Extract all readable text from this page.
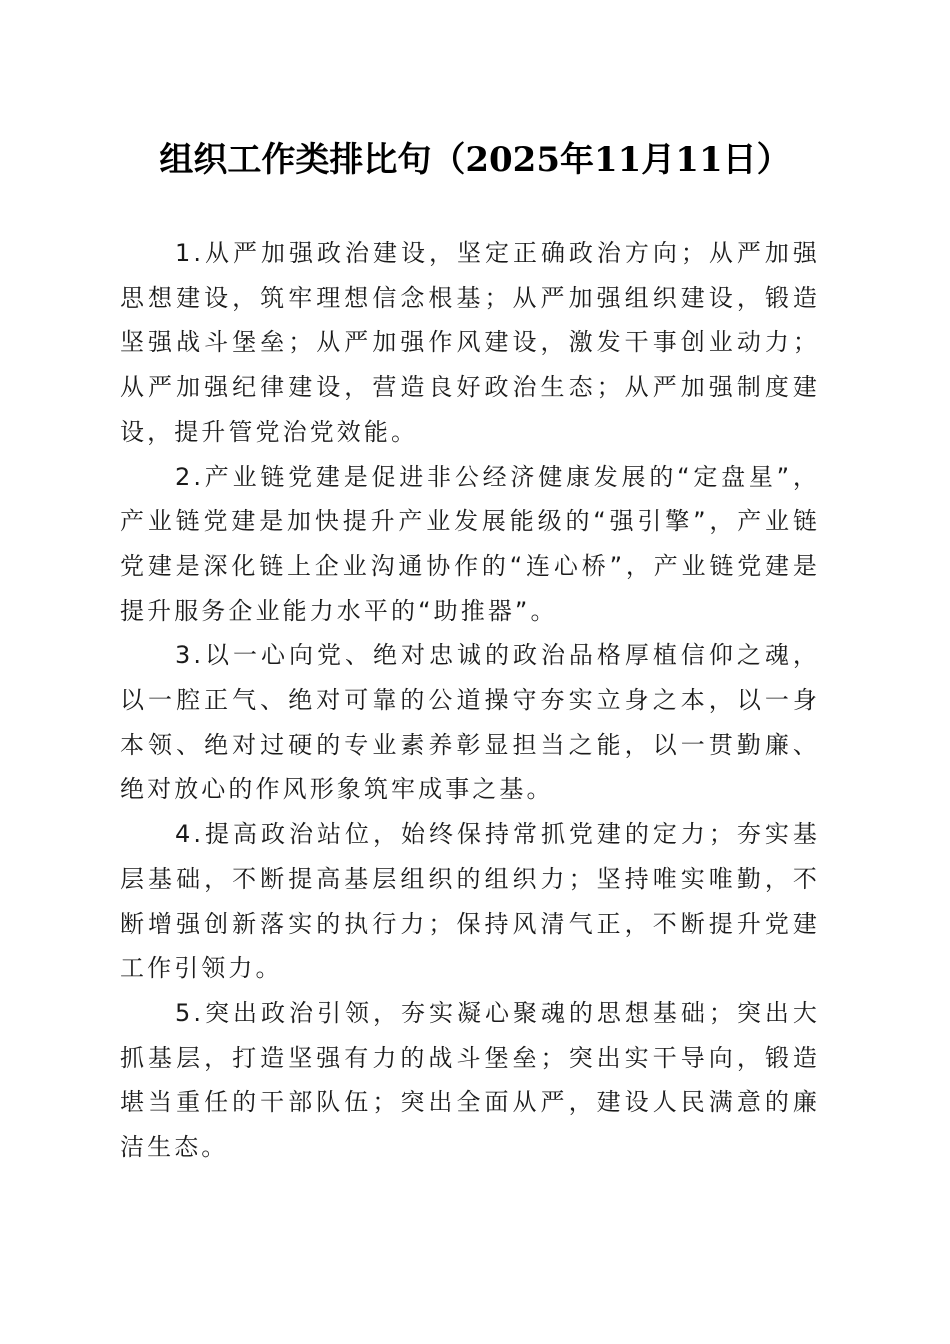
组织工作类排比句（2025年11月11日）

1.从严加强政治建设，坚定正确政治方向；从严加强思想建设，筑牢理想信念根基；从严加强组织建设，锻造坚强战斗堡垒；从严加强作风建设，激发干事创业动力；从严加强纪律建设，营造良好政治生态；从严加强制度建设，提升管党治党效能。

2.产业链党建是促进非公经济健康发展的“定盘星”，产业链党建是加快提升产业发展能级的“强引擎”，产业链党建是深化链上企业沟通协作的“连心桥”，产业链党建是提升服务企业能力水平的“助推器”。

3.以一心向党、绝对忠诚的政治品格厚植信仰之魂，以一腔正气、绝对可靠的公道操守夯实立身之本，以一身本领、绝对过硬的专业素养彰显担当之能，以一贯勤廉、绝对放心的作风形象筑牢成事之基。

4.提高政治站位，始终保持常抓党建的定力；夯实基层基础，不断提高基层组织的组织力；坚持唯实唯勤，不断增强创新落实的执行力；保持风清气正，不断提升党建工作引领力。

5.突出政治引领，夯实凝心聚魂的思想基础；突出大抓基层，打造坚强有力的战斗堡垒；突出实干导向，锻造堪当重任的干部队伍；突出全面从严，建设人民满意的廉洁生态。
